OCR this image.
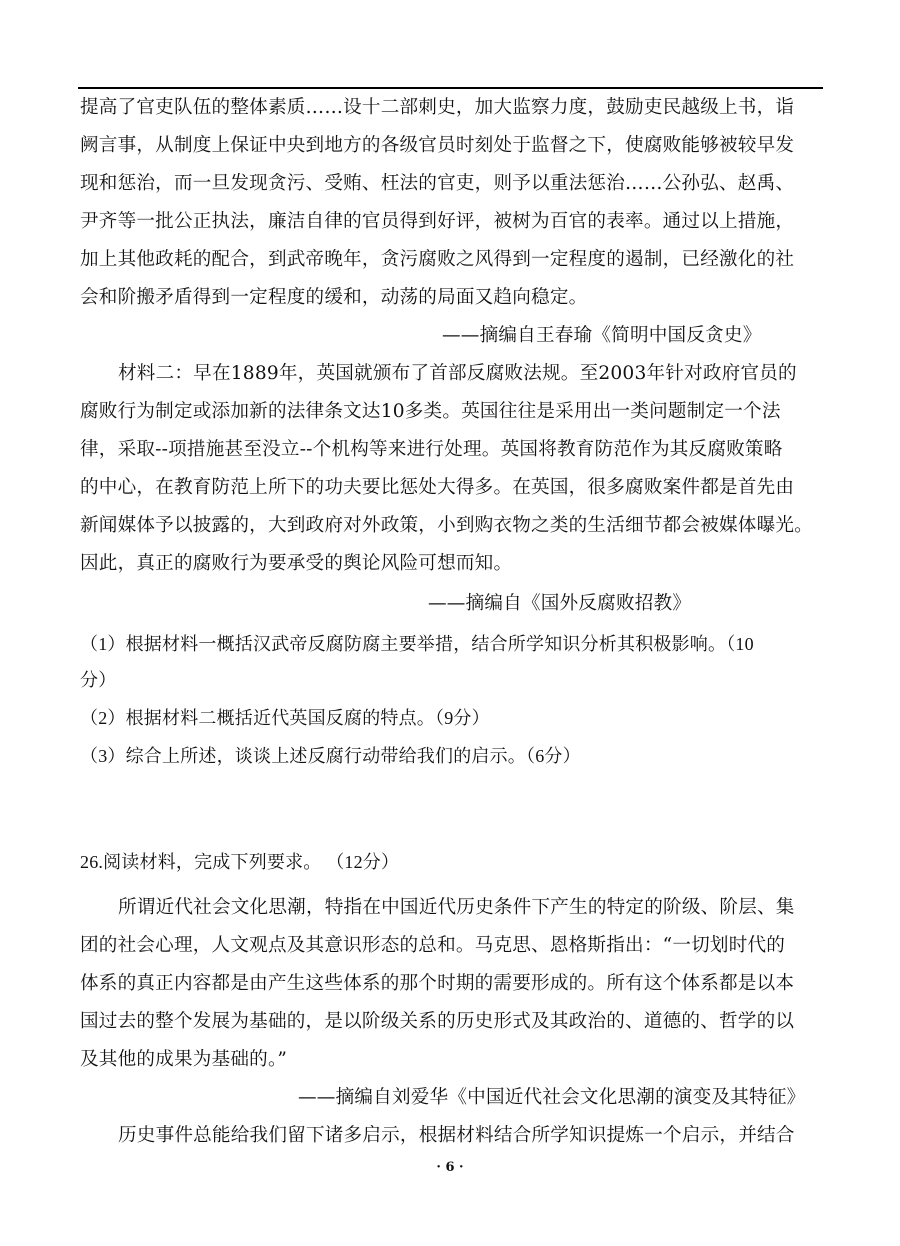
提高了官吏队伍的整体素质……设十二部刺史，加大监察力度，鼓励吏民越级上书，诣
阙言事，从制度上保证中央到地方的各级官员时刻处于监督之下，使腐败能够被较早发
现和惩治，而一旦发现贪污、受贿、枉法的官吏，则予以重法惩治……公孙弘、赵禹、
尹齐等一批公正执法，廉洁自律的官员得到好评，被树为百官的表率。通过以上措施，
加上其他政耗的配合，到武帝晚年，贪污腐败之风得到一定程度的遏制，已经激化的社
会和阶搬矛盾得到一定程度的缓和，动荡的局面又趋向稳定。
——摘编自王春瑜《简明中国反贪史》
材料二：早在1889年，英国就颁布了首部反腐败法规。至2003年针对政府官员的
腐败行为制定或添加新的法律条文达10多类。英国往往是采用出一类问题制定一个法
律，采取--项措施甚至没立--个机构等来进行处理。英国将教育防范作为其反腐败策略
的中心，在教育防范上所下的功夫要比惩处大得多。在英国，很多腐败案件都是首先由
新闻媒体予以披露的，大到政府对外政策，小到购衣物之类的生活细节都会被媒体曝光。
因此，真正的腐败行为要承受的舆论风险可想而知。
——摘编自《国外反腐败招教》
（1）根据材料一概括汉武帝反腐防腐主要举措，结合所学知识分析其积极影响。（10
分）
（2）根据材料二概括近代英国反腐的特点。（9分）
（3）综合上所述，谈谈上述反腐行动带给我们的启示。（6分）
26.阅读材料，完成下列要求。 （12分）
所谓近代社会文化思潮，特指在中国近代历史条件下产生的特定的阶级、阶层、集
团的社会心理，人文观点及其意识形态的总和。马克思、恩格斯指出：“一切划时代的
体系的真正内容都是由产生这些体系的那个时期的需要形成的。所有这个体系都是以本
国过去的整个发展为基础的，是以阶级关系的历史形式及其政治的、道德的、哲学的以
及其他的成果为基础的。”
——摘编自刘爱华《中国近代社会文化思潮的演变及其特征》
历史事件总能给我们留下诸多启示，根据材料结合所学知识提炼一个启示，并结合
· 6 ·
